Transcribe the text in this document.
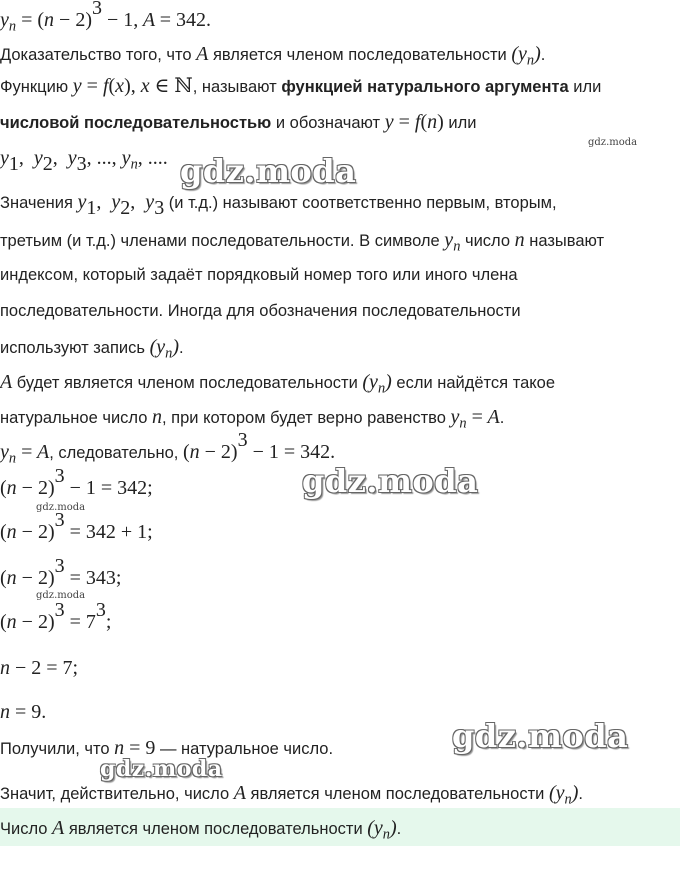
$y_n = (n - 2)^3 - 1$, A = 342.
Доказательство того, что A является членом последовательности $(y_n)$.
Функцию y = f(x), x ∈ ℕ, называют функцией натурального аргумента или
числовой последовательностью и обозначают y = f(n) или
$y_1$,  $y_2$,  $y_3$, ..., $y_n$, ....
Значения $y_1$,  $y_2$,  $y_3$ (и т.д.) называют соответственно первым, вторым,
третьим (и т.д.) членами последовательности. В символе $y_n$ число n называют
индексом, который задаёт порядковый номер того или иного члена
последовательности. Иногда для обозначения последовательности
используют запись $(y_n)$.
A будет является членом последовательности $(y_n)$ если найдётся такое
натуральное число n, при котором будет верно равенство $y_n = A$.
$y_n = A$, следовательно, $(n - 2)^3 - 1 = 342$.
$(n - 2)^3 - 1 = 342$;
$(n - 2)^3 = 342 + 1$;
$(n - 2)^3 = 343$;
$(n - 2)^3 = 7^3$;
n − 2 = 7;
n = 9.
Получили, что n = 9 — натуральное число.
Значит, действительно, число A является членом последовательности $(y_n)$.
Число A является членом последовательности $(y_n)$.
gdz.moda
gdz.moda
gdz.moda
gdz.moda
gdz.moda
gdz.moda
gdz.moda
